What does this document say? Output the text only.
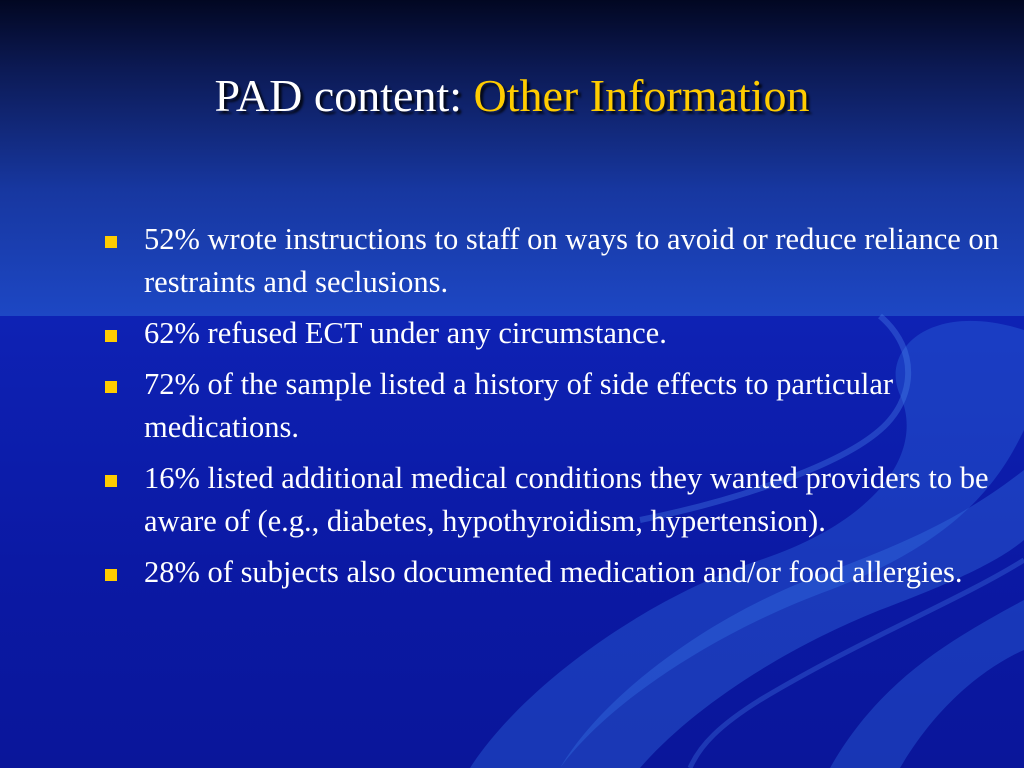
PAD content: Other Information
52% wrote instructions to staff on ways to avoid or reduce reliance on restraints and seclusions.
62% refused ECT under any circumstance.
72% of the sample listed a history of side effects to particular medications.
16% listed additional medical conditions they wanted providers to be aware of (e.g., diabetes, hypothyroidism, hypertension).
28% of subjects also documented medication and/or food allergies.
